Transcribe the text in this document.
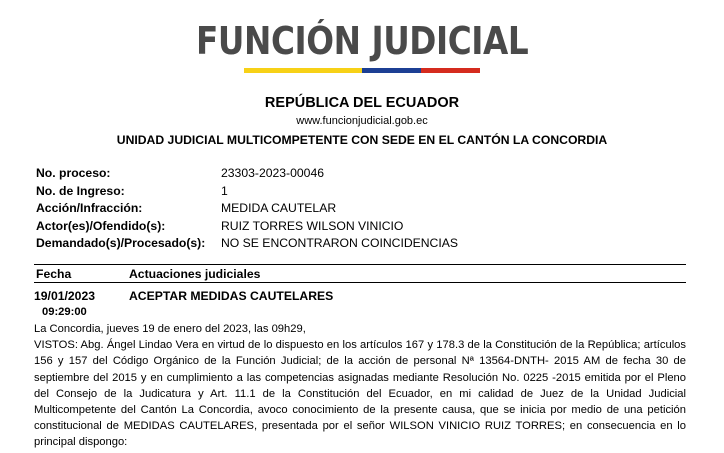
FUNCIÓN JUDICIAL
REPÚBLICA DEL ECUADOR
www.funcionjudicial.gob.ec
UNIDAD JUDICIAL MULTICOMPETENTE CON SEDE EN EL CANTÓN LA CONCORDIA
No. proceso:	23303-2023-00046
No. de Ingreso:	1
Acción/Infracción:	MEDIDA CAUTELAR
Actor(es)/Ofendido(s):	RUIZ TORRES WILSON VINICIO
Demandado(s)/Procesado(s):	NO SE ENCONTRARON COINCIDENCIAS
Fecha	Actuaciones judiciales
19/01/2023	ACEPTAR MEDIDAS CAUTELARES
09:29:00

La Concordia, jueves 19 de enero del 2023, las 09h29,

VISTOS: Abg. Ángel Lindao Vera en virtud de lo dispuesto en los artículos 167 y 178.3 de la Constitución de la República; artículos 156 y 157 del Código Orgánico de la Función Judicial; de la acción de personal Nª 13564-DNTH- 2015 AM de fecha 30 de septiembre del 2015 y en cumplimiento a las competencias asignadas mediante Resolución No. 0225 -2015 emitida por el Pleno del Consejo de la Judicatura y Art. 11.1 de la Constitución del Ecuador, en mi calidad de Juez de la Unidad Judicial Multicompetente del Cantón La Concordia, avoco conocimiento de la presente causa, que se inicia por medio de una petición constitucional de MEDIDAS CAUTELARES, presentada por el señor WILSON VINICIO RUIZ TORRES; en consecuencia en lo principal dispongo:
